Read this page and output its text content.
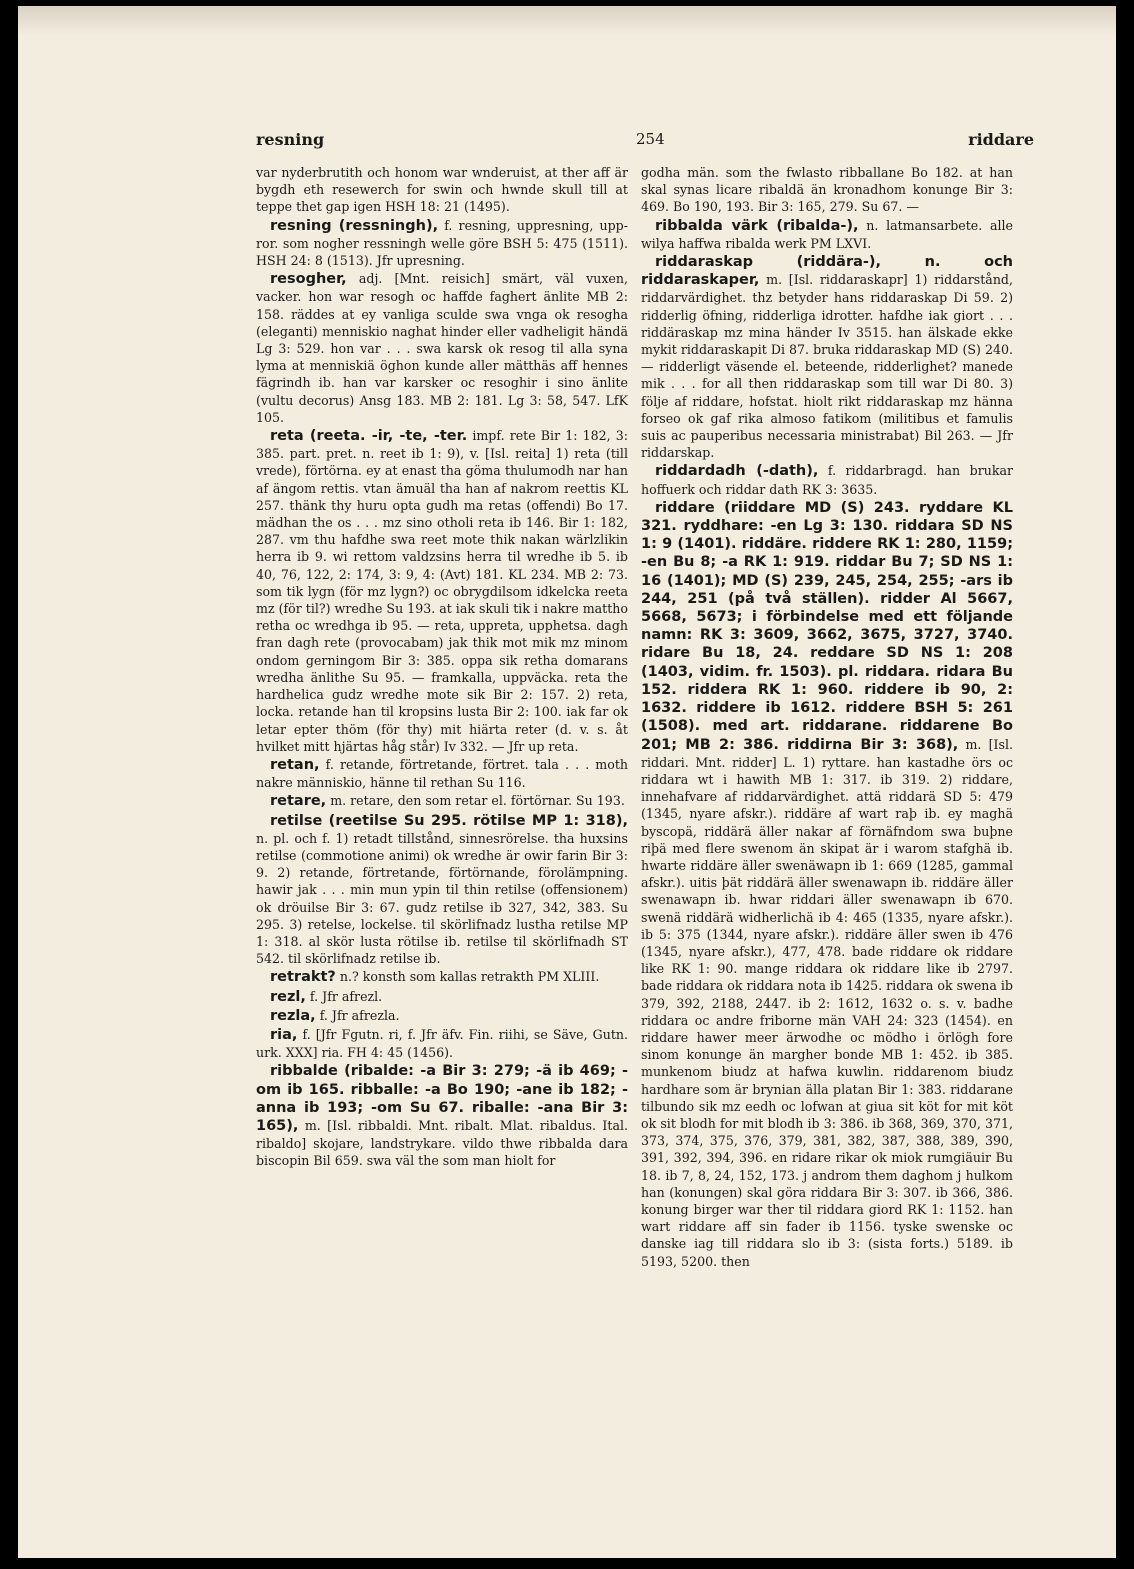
resning	254	riddare

var nyderbrutith och honom war wnderuist, at ther aff är bygdh eth resewerch for swin och hwnde skull till at teppe thet gap igen HSH 18: 21 (1495).

resning (ressningh), f. resning, uppresning, upp-ror. som nogher ressningh welle göre BSH 5: 475 (1511). HSH 24: 8 (1513). Jfr upresning.

resogher, adj. [Mnt. reisich] smärt, väl vuxen, vacker. hon war resogh oc haffde faghert änlite MB 2: 158. räddes at ey vanliga sculde swa vnga ok resogha (eleganti) menniskio naghat hinder eller vadheligit händä Lg 3: 529. hon var . . . swa karsk ok resog til alla syna lyma at menniskiä öghon kunde aller mätthäs aff hennes fägrindh ib. han var karsker oc resoghir i sino änlite (vultu decorus) Ansg 183. MB 2: 181. Lg 3: 58, 547. LfK 105.

reta (reeta. -ir, -te, -ter. impf. rete Bir 1: 182, 3: 385. part. pret. n. reet ib 1: 9), v. [Isl. reita] 1) reta (till vrede), förtörna. ey at enast tha göma thulumodh nar han af ängom rettis. vtan ämuäl tha han af nakrom reettis KL 257. thänk thy huru opta gudh ma retas (offendi) Bo 17. mädhan the os . . . mz sino otholi reta ib 146. Bir 1: 182, 287. vm thu hafdhe swa reet mote thik nakan wärlzlikin herra ib 9. wi rettom valdzsins herra til wredhe ib 5. ib 40, 76, 122, 2: 174, 3: 9, 4: (Avt) 181. KL 234. MB 2: 73. som tik lygn (för mz lygn?) oc obrygdilsom idkelcka reeta mz (för til?) wredhe Su 193. at iak skuli tik i nakre mattho retha oc wredhga ib 95. — reta, uppreta, upphetsa. dagh fran dagh rete (provocabam) jak thik mot mik mz minom ondom gerningom Bir 3: 385. oppa sik retha domarans wredha änlithe Su 95. — framkalla, uppväcka. reta the hardhelica gudz wredhe mote sik Bir 2: 157. 2) reta, locka. retande han til kropsins lusta Bir 2: 100. iak far ok letar epter thöm (för thy) mit hiärta reter (d. v. s. åt hvilket mitt hjärtas håg står) Iv 332. — Jfr up reta.

retan, f. retande, förtretande, förtret. tala . . . moth nakre människio, hänne til rethan Su 116.

retare, m. retare, den som retar el. förtörnar. Su 193.

retilse (reetilse Su 295. rötilse MP 1: 318), n. pl. och f. 1) retadt tillstånd, sinnesrörelse. tha huxsins retilse (commotione animi) ok wredhe är owir farin Bir 3: 9. 2) retande, förtretande, förtörnande, förolämpning. hawir jak . . . min mun ypin til thin retilse (offensionem) ok dröuilse Bir 3: 67. gudz retilse ib 327, 342, 383. Su 295. 3) retelse, lockelse. til skörlifnadz lustha retilse MP 1: 318. al skör lusta rötilse ib. retilse til skörlifnadh ST 542. til skörlifnadz retilse ib.

retrakt? n.? konsth som kallas retrakth PM XLIII.

rezl, f. Jfr afrezl.

rezla, f. Jfr afrezla.

ria, f. [Jfr Fgutn. ri, f. Jfr äfv. Fin. riihi, se Säve, Gutn. urk. XXX] ria. FH 4: 45 (1456).

ribbalde (ribalde: -a Bir 3: 279; -ä ib 469; -om ib 165. ribballe: -a Bo 190; -ane ib 182; -anna ib 193; -om Su 67. riballe: -ana Bir 3: 165), m. [Isl. ribbaldi. Mnt. ribalt. Mlat. ribaldus. Ital. ribaldo] skojare, landstrykare. vildo thwe ribbalda dara biscopin Bil 659. swa väl the som man hiolt for

godha män. som the fwlasto ribballane Bo 182. at han skal synas licare ribaldä än kronadhom konunge Bir 3: 469. Bo 190, 193. Bir 3: 165, 279. Su 67. —

ribbalda värk (ribalda-), n. latmansarbete. alle wilya haffwa ribalda werk PM LXVI.

riddaraskap (riddära-), n. och riddaraskaper, m. [Isl. riddaraskapr] 1) riddarstånd, riddarvärdighet. thz betyder hans riddaraskap Di 59. 2) ridderlig öfning, ridderliga idrotter. hafdhe iak giort . . . riddäraskap mz mina händer Iv 3515. han älskade ekke mykit riddaraskapit Di 87. bruka riddaraskap MD (S) 240. — ridderligt väsende el. beteende, ridderlighet? manede mik . . . for all then riddaraskap som till war Di 80. 3) följe af riddare, hofstat. hiolt rikt riddaraskap mz hänna forseo ok gaf rika almoso fatikom (militibus et famulis suis ac pauperibus necessaria ministrabat) Bil 263. — Jfr riddarskap.

riddardadh (-dath), f. riddarbragd. han brukar hoffuerk och riddar dath RK 3: 3635.

riddare (riiddare MD (S) 243. ryddare KL 321. ryddhare: -en Lg 3: 130. riddara SD NS 1: 9 (1401). riddäre. riddere RK 1: 280, 1159; -en Bu 8; -a RK 1: 919. riddar Bu 7; SD NS 1: 16 (1401); MD (S) 239, 245, 254, 255; -ars ib 244, 251 (på två ställen). ridder Al 5667, 5668, 5673; i förbindelse med ett följande namn: RK 3: 3609, 3662, 3675, 3727, 3740. ridare Bu 18, 24. reddare SD NS 1: 208 (1403, vidim. fr. 1503). pl. riddara. ridara Bu 152. riddera RK 1: 960. riddere ib 90, 2: 1632. riddere ib 1612. riddere BSH 5: 261 (1508). med art. riddarane. riddarene Bo 201; MB 2: 386. riddirna Bir 3: 368), m. [Isl. riddari. Mnt. ridder] L. 1) ryttare. han kastadhe örs oc riddara wt i hawith MB 1: 317. ib 319. 2) riddare, innehafvare af riddarvärdighet. attä riddarä SD 5: 479 (1345, nyare afskr.). riddäre af wart raþ ib. ey maghä byscopä, riddärä äller nakar af förnäfndom swa buþne riþä med flere swenom än skipat är i warom stafghä ib. hwarte riddäre äller swenäwapn ib 1: 669 (1285, gammal afskr.). uitis þät riddärä äller swenawapn ib. riddäre äller swenawapn ib. hwar riddari äller swenawapn ib 670. swenä riddärä widherlichä ib 4: 465 (1335, nyare afskr.). ib 5: 375 (1344, nyare afskr.). riddäre äller swen ib 476 (1345, nyare afskr.), 477, 478. bade riddare ok riddare like RK 1: 90. mange riddara ok riddare like ib 2797. bade riddara ok riddara nota ib 1425. riddara ok swena ib 379, 392, 2188, 2447. ib 2: 1612, 1632 o. s. v. badhe riddara oc andre friborne män VAH 24: 323 (1454). en riddare hawer meer ärwodhe oc mödho i örlögh fore sinom konunge än margher bonde MB 1: 452. ib 385. munkenom biudz at hafwa kuwlin. riddarenom biudz hardhare som är brynian älla platan Bir 1: 383. riddarane tilbundo sik mz eedh oc lofwan at giua sit köt for mit köt ok sit blodh for mit blodh ib 3: 386. ib 368, 369, 370, 371, 373, 374, 375, 376, 379, 381, 382, 387, 388, 389, 390, 391, 392, 394, 396. en ridare rikar ok miok rumgiäuir Bu 18. ib 7, 8, 24, 152, 173. j androm them daghom j hulkom han (konungen) skal göra riddara Bir 3: 307. ib 366, 386. konung birger war ther til riddara giord RK 1: 1152. han wart riddare aff sin fader ib 1156. tyske swenske oc danske iag till riddara slo ib 3: (sista forts.) 5189. ib 5193, 5200. then
